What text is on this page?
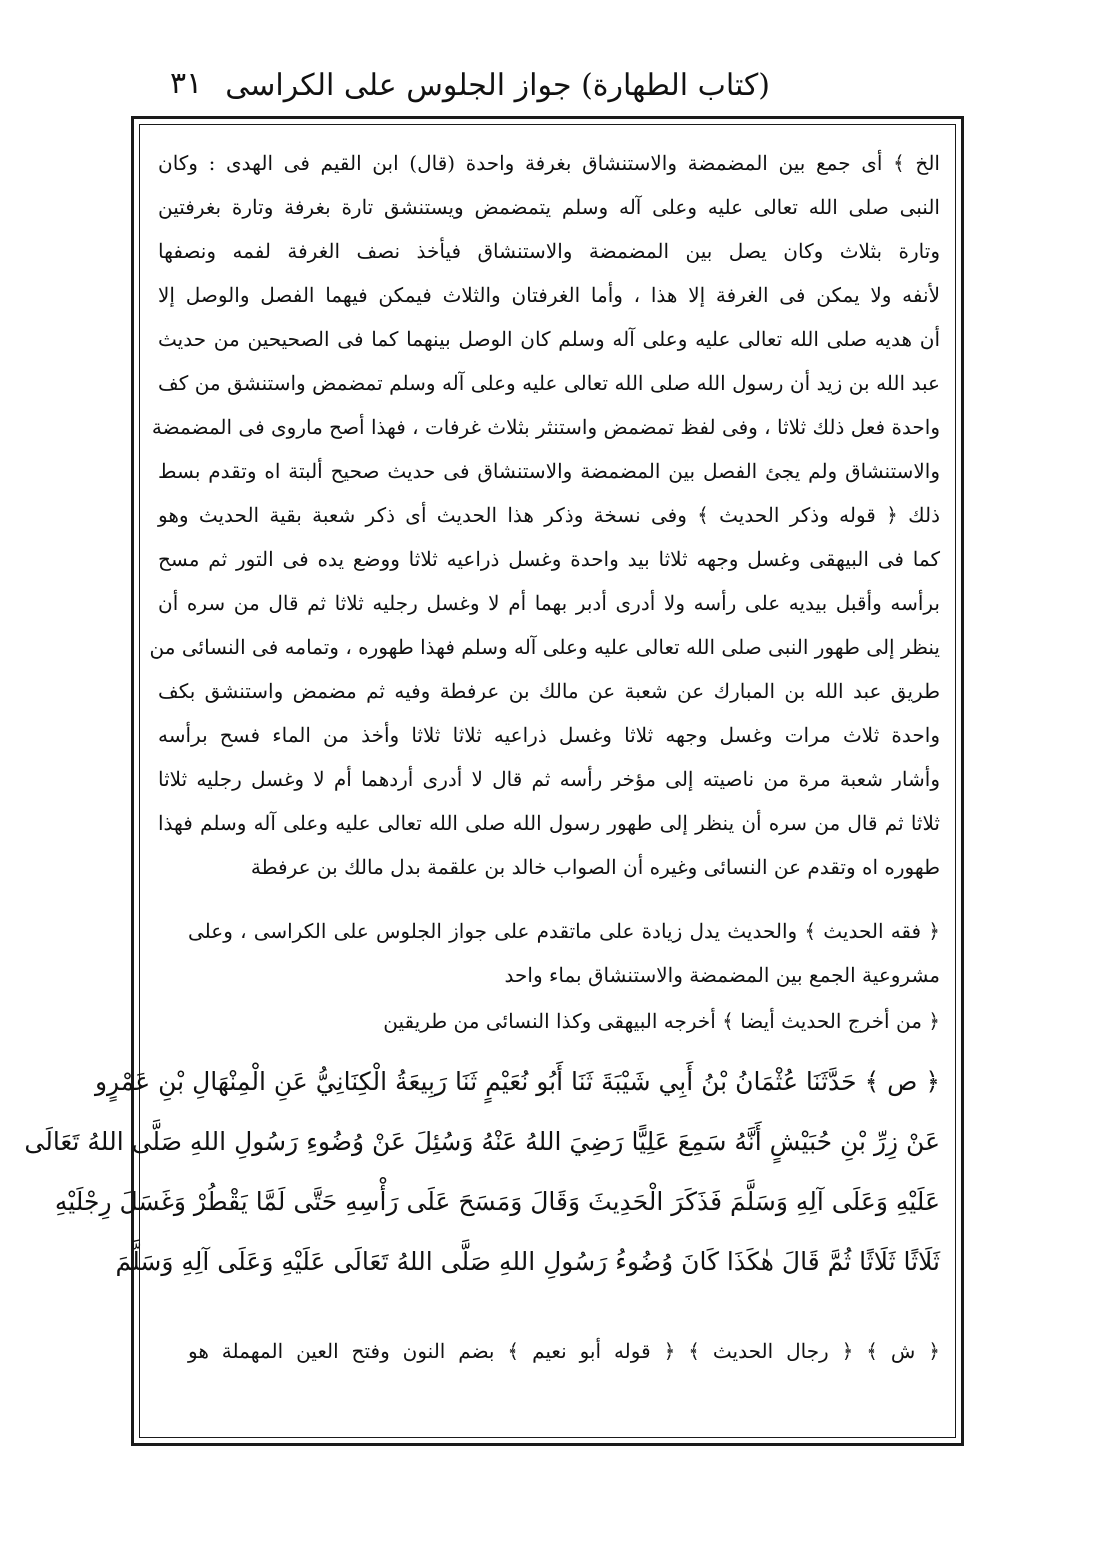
(كتاب الطهارة) جواز الجلوس على الكراسى
٣١
الخ ﴾ أى جمع بين المضمضة والاستنشاق بغرفة واحدة (قال) ابن القيم فى الهدى : وكان
النبى صلى الله تعالى عليه وعلى آله وسلم يتمضمض ويستنشق تارة بغرفة وتارة بغرفتين
وتارة بثلاث وكان يصل بين المضمضة والاستنشاق فيأخذ نصف الغرفة لفمه ونصفها
لأنفه ولا يمكن فى الغرفة إلا هذا ، وأما الغرفتان والثلاث فيمكن فيهما الفصل والوصل إلا
أن هديه صلى الله تعالى عليه وعلى آله وسلم كان الوصل بينهما كما فى الصحيحين من حديث
عبد الله بن زيد أن رسول الله صلى الله تعالى عليه وعلى آله وسلم تمضمض واستنشق من كف
واحدة فعل ذلك ثلاثا ، وفى لفظ تمضمض واستنثر بثلاث غرفات ، فهذا أصح ماروى فى المضمضة
والاستنشاق ولم يجئ الفصل بين المضمضة والاستنشاق فى حديث صحيح ألبتة اه وتقدم بسط
ذلك ﴿ قوله وذكر الحديث ﴾ وفى نسخة وذكر هذا الحديث أى ذكر شعبة بقية الحديث وهو
كما فى البيهقى وغسل وجهه ثلاثا بيد واحدة وغسل ذراعيه ثلاثا ووضع يده فى التور ثم مسح
برأسه وأقبل بيديه على رأسه ولا أدرى أدبر بهما أم لا وغسل رجليه ثلاثا ثم قال من سره أن
ينظر إلى طهور النبى صلى الله تعالى عليه وعلى آله وسلم فهذا طهوره ، وتمامه فى النسائى من
طريق عبد الله بن المبارك عن شعبة عن مالك بن عرفطة وفيه ثم مضمض واستنشق بكف
واحدة ثلاث مرات وغسل وجهه ثلاثا وغسل ذراعيه ثلاثا ثلاثا وأخذ من الماء فسح برأسه
وأشار شعبة مرة من ناصيته إلى مؤخر رأسه ثم قال لا أدرى أردهما أم لا وغسل رجليه ثلاثا
ثلاثا ثم قال من سره أن ينظر إلى طهور رسول الله صلى الله تعالى عليه وعلى آله وسلم فهذا
طهوره اه وتقدم عن النسائى وغيره أن الصواب خالد بن علقمة بدل مالك بن عرفطة
﴿ فقه الحديث ﴾ والحديث يدل زيادة على ماتقدم على جواز الجلوس على الكراسى ، وعلى
مشروعية الجمع بين المضمضة والاستنشاق بماء واحد
﴿ من أخرج الحديث أيضا ﴾ أخرجه البيهقى وكذا النسائى من طريقين
﴿ ص ﴾ حَدَّثَنَا عُثْمَانُ بْنُ أَبِي شَيْبَةَ ثَنَا أَبُو نُعَيْمٍ ثَنَا رَبِيعَةُ الْكِنَانِيُّ عَنِ الْمِنْهَالِ بْنِ عَمْرٍو
عَنْ زِرِّ بْنِ حُبَيْشٍ أَنَّهُ سَمِعَ عَلِيًّا رَضِيَ اللهُ عَنْهُ وَسُئِلَ عَنْ وُضُوءِ رَسُولِ اللهِ صَلَّى اللهُ تَعَالَى
عَلَيْهِ وَعَلَى آلِهِ وَسَلَّمَ فَذَكَرَ الْحَدِيثَ وَقَالَ وَمَسَحَ عَلَى رَأْسِهِ حَتَّى لَمَّا يَقْطُرْ وَغَسَلَ رِجْلَيْهِ
ثَلَاثًا ثَلَاثًا ثُمَّ قَالَ هٰكَذَا كَانَ وُضُوءُ رَسُولِ اللهِ صَلَّى اللهُ تَعَالَى عَلَيْهِ وَعَلَى آلِهِ وَسَلَّمَ
﴿ ش ﴾ ﴿ رجال الحديث ﴾ ﴿ قوله أبو نعيم ﴾ بضم النون وفتح العين المهملة هو
